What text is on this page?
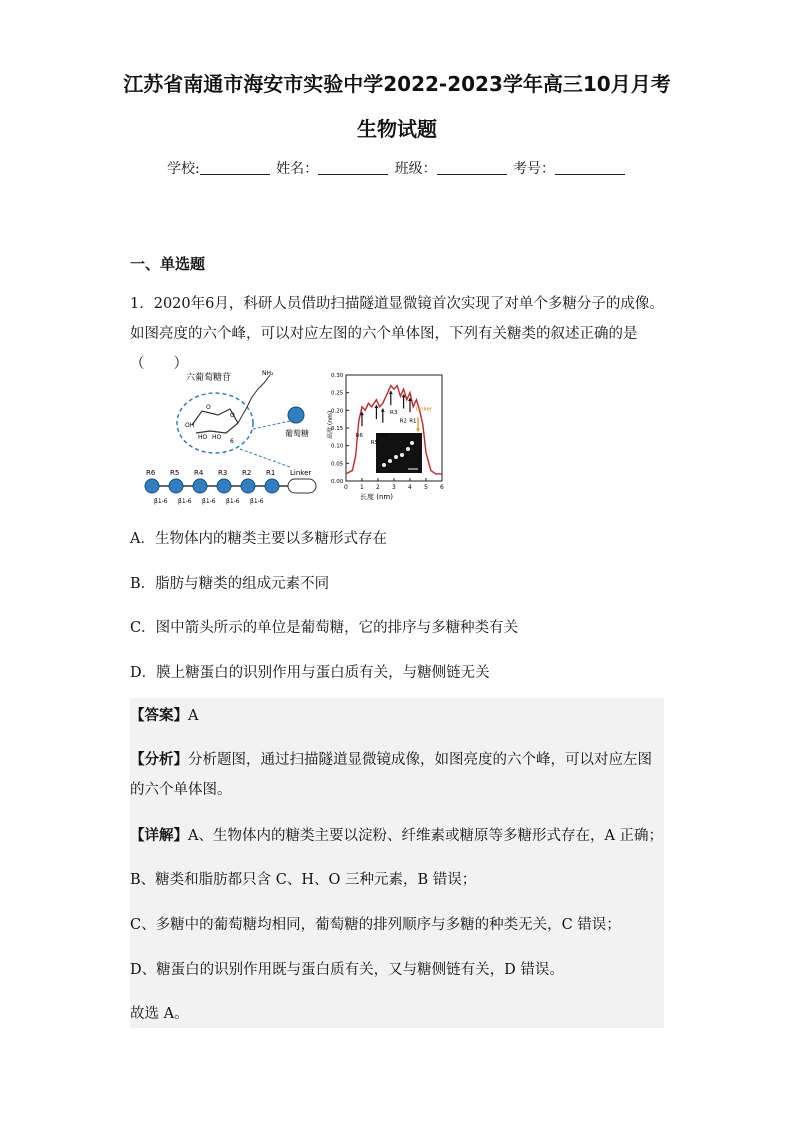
江苏省南通市海安市实验中学2022-2023学年高三10月月考
生物试题
学校:	姓名：	班级：	考号：
一、单选题
1．2020年6月，科研人员借助扫描隧道显微镜首次实现了对单个多糖分子的成像。如图亮度的六个峰，可以对应左图的六个单体图，下列有关糖类的叙述正确的是（　　）
六葡萄糖苷	NH₂
O
O
HO HO
OH
6
葡萄糖
R6 R5 R4 R3 R2 R1 Linker
β1-6 β1-6 β1-6 β1-6 β1-6
0 1 2 3 4 5 6
0.00
0.05
0.10
0.15
0.20
0.25
0.30
R6
R5
R4
R3
R2 R1
Linker
长度 (nm)
高度 (nm)
A．生物体内的糖类主要以多糖形式存在
B．脂肪与糖类的组成元素不同
C．图中箭头所示的单位是葡萄糖，它的排序与多糖种类有关
D．膜上糖蛋白的识别作用与蛋白质有关，与糖侧链无关
【答案】A
【分析】分析题图，通过扫描隧道显微镜成像，如图亮度的六个峰，可以对应左图的六个单体图。
【详解】A、生物体内的糖类主要以淀粉、纤维素或糖原等多糖形式存在，A 正确；
B、糖类和脂肪都只含 C、H、O 三种元素，B 错误；
C、多糖中的葡萄糖均相同，葡萄糖的排列顺序与多糖的种类无关，C 错误；
D、糖蛋白的识别作用既与蛋白质有关，又与糖侧链有关，D 错误。
故选 A。
